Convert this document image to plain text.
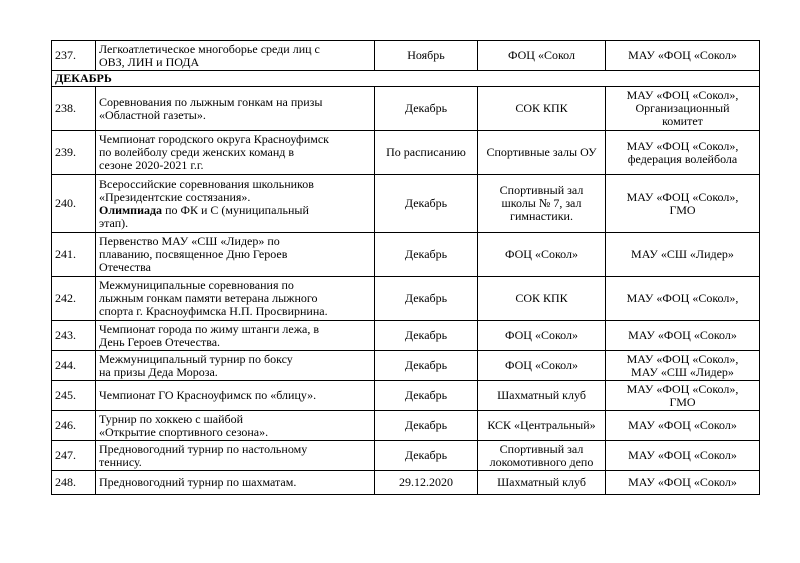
237.	Легкоатлетическое многоборье среди лиц с
ОВЗ, ЛИН и ПОДА	Ноябрь	ФОЦ «Сокол	МАУ «ФОЦ «Сокол»

ДЕКАБРЬ				

238.	Соревнования по лыжным гонкам на призы
«Областной газеты».	Декабрь	СОК КПК	МАУ «ФОЦ «Сокол»,
Организационный
комитет

239.	Чемпионат городского округа Красноуфимск
по волейболу среди женских команд в
сезоне 2020-2021 г.г.	По расписанию	Спортивные залы ОУ	МАУ «ФОЦ «Сокол»,
федерация волейбола

240.	Всероссийские соревнования школьников
«Президентские состязания».
Олимпиада по ФК и С (муниципальный
этап).	Декабрь	Спортивный зал
школы № 7, зал
гимнастики.	МАУ «ФОЦ «Сокол»,
ГМО

241.	Первенство МАУ «СШ «Лидер» по
плаванию, посвященное Дню Героев
Отечества	Декабрь	ФОЦ «Сокол»	МАУ «СШ «Лидер»

242.	Межмуниципальные соревнования по
лыжным гонкам памяти ветерана лыжного
спорта г. Красноуфимска Н.П. Просвирнина.	Декабрь	СОК КПК	МАУ «ФОЦ «Сокол»,

243.	Чемпионат города по жиму штанги лежа, в
День Героев Отечества.	Декабрь	ФОЦ «Сокол»	МАУ «ФОЦ «Сокол»

244.	Межмуниципальный турнир по боксу
на призы Деда Мороза.	Декабрь	ФОЦ «Сокол»	МАУ «ФОЦ «Сокол»,
МАУ «СШ «Лидер»

245.	Чемпионат ГО Красноуфимск по «блицу».	Декабрь	Шахматный клуб	МАУ «ФОЦ «Сокол»,
ГМО

246.	Турнир по хоккею с шайбой
«Открытие спортивного сезона».	Декабрь	КСК «Центральный»	МАУ «ФОЦ «Сокол»

247.	Предновогодний турнир по настольному
теннису.	Декабрь	Спортивный зал
локомотивного депо	МАУ «ФОЦ «Сокол»

248.	Предновогодний турнир по шахматам.	29.12.2020	Шахматный клуб	МАУ «ФОЦ «Сокол»
